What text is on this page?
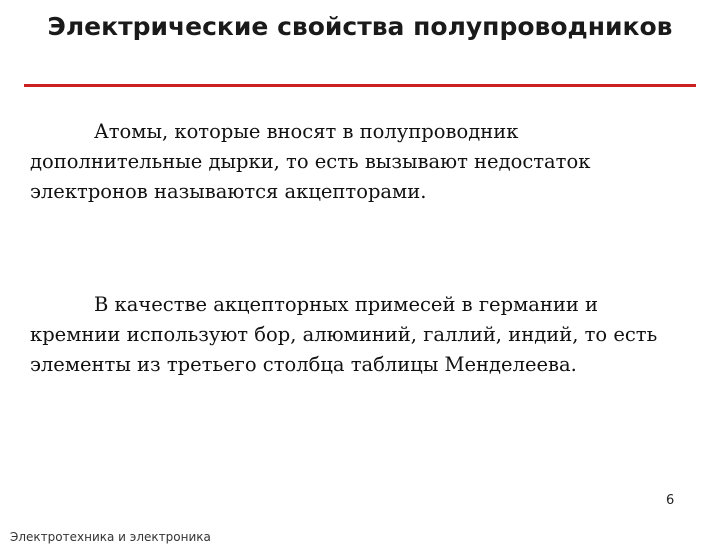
Электрические свойства полупроводников

Атомы, которые вносят в полупроводник
дополнительные дырки, то есть вызывают недостаток
электронов называются акцепторами.

В качестве акцепторных примесей в германии и
кремнии используют бор, алюминий, галлий, индий, то есть
элементы из третьего столбца таблицы Менделеева.

6
Электротехника и электроника
